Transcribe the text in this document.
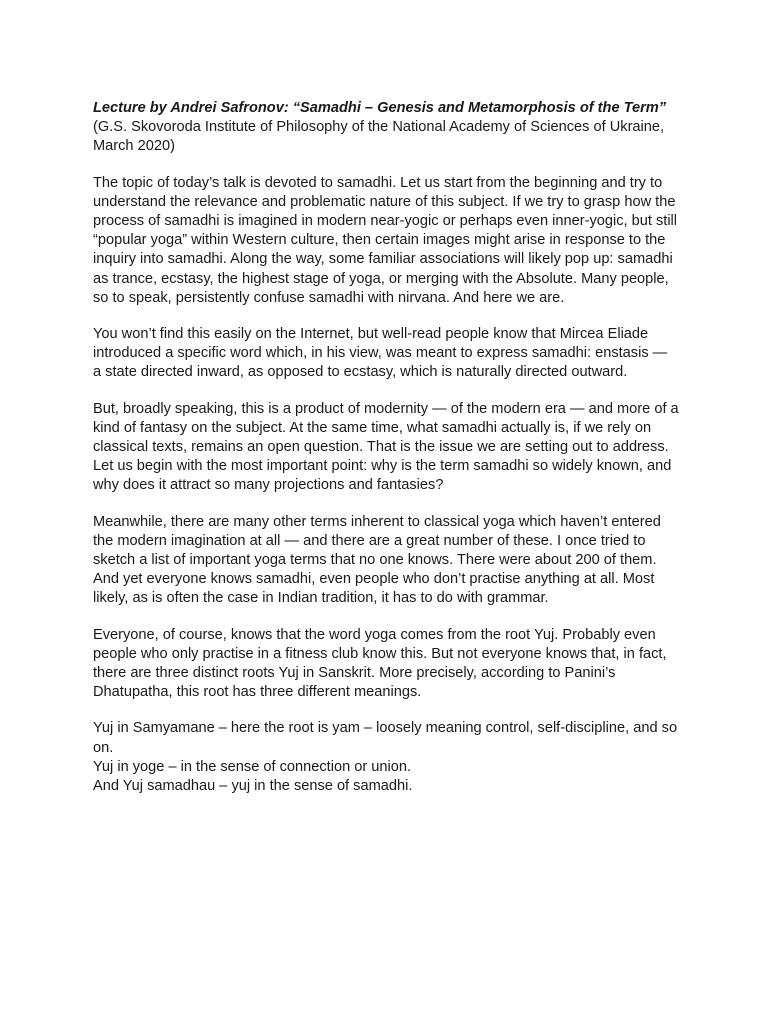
Lecture by Andrei Safronov: “Samadhi – Genesis and Metamorphosis of the Term”

(G.S. Skovoroda Institute of Philosophy of the National Academy of Sciences of Ukraine, March 2020)

The topic of today’s talk is devoted to samadhi. Let us start from the beginning and try to understand the relevance and problematic nature of this subject. If we try to grasp how the process of samadhi is imagined in modern near-yogic or perhaps even inner-yogic, but still “popular yoga” within Western culture, then certain images might arise in response to the inquiry into samadhi. Along the way, some familiar associations will likely pop up: samadhi as trance, ecstasy, the highest stage of yoga, or merging with the Absolute. Many people, so to speak, persistently confuse samadhi with nirvana. And here we are.

You won’t find this easily on the Internet, but well-read people know that Mircea Eliade introduced a specific word which, in his view, was meant to express samadhi: enstasis — a state directed inward, as opposed to ecstasy, which is naturally directed outward.

But, broadly speaking, this is a product of modernity — of the modern era — and more of a kind of fantasy on the subject. At the same time, what samadhi actually is, if we rely on classical texts, remains an open question. That is the issue we are setting out to address. Let us begin with the most important point: why is the term samadhi so widely known, and why does it attract so many projections and fantasies?

Meanwhile, there are many other terms inherent to classical yoga which haven’t entered the modern imagination at all — and there are a great number of these. I once tried to sketch a list of important yoga terms that no one knows. There were about 200 of them. And yet everyone knows samadhi, even people who don’t practise anything at all. Most likely, as is often the case in Indian tradition, it has to do with grammar.

Everyone, of course, knows that the word yoga comes from the root Yuj. Probably even people who only practise in a fitness club know this. But not everyone knows that, in fact, there are three distinct roots Yuj in Sanskrit. More precisely, according to Panini’s Dhatupatha, this root has three different meanings.

Yuj in Samyamane – here the root is yam – loosely meaning control, self-discipline, and so on.

Yuj in yoge – in the sense of connection or union.

And Yuj samadhau – yuj in the sense of samadhi.
